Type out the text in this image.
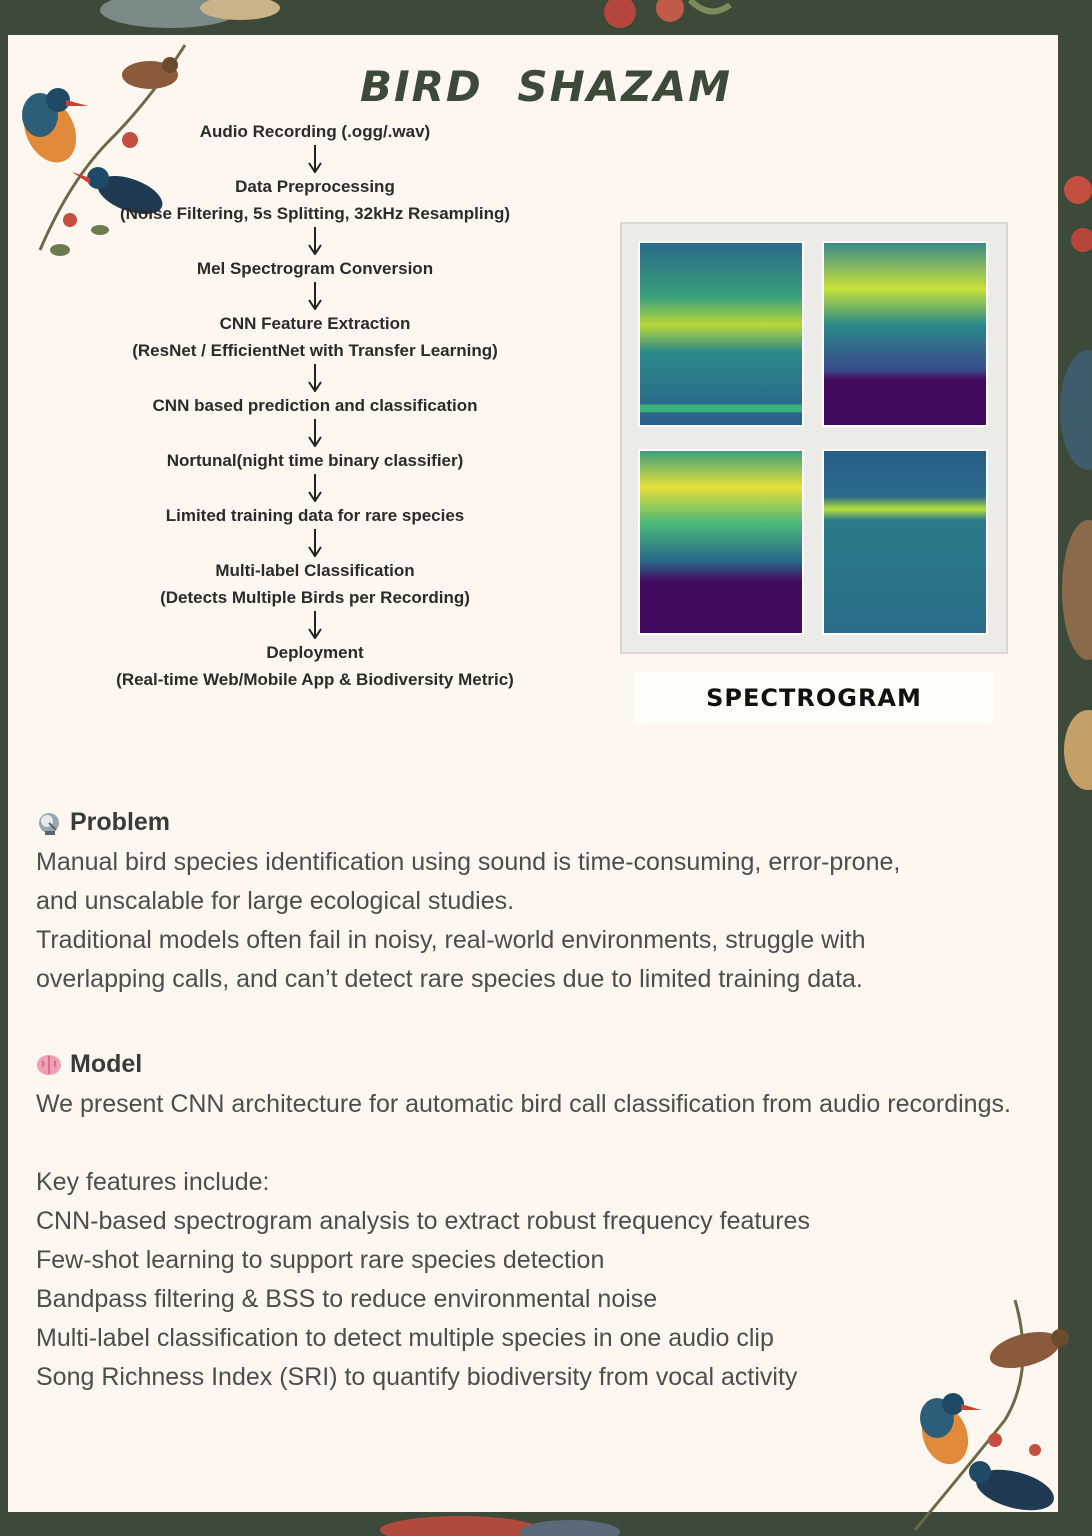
BIRD SHAZAM
Audio Recording (.ogg/.wav)
Data Preprocessing
(Noise Filtering, 5s Splitting, 32kHz Resampling)
Mel Spectrogram Conversion
CNN Feature Extraction
(ResNet / EfficientNet with Transfer Learning)
CNN based prediction and classification
Nortunal(night time binary classifier)
Limited training data for rare species
Multi-label Classification
(Detects Multiple Birds per Recording)
Deployment
(Real-time Web/Mobile App & Biodiversity Metric)
SPECTROGRAM
Problem
Manual bird species identification using sound is time-consuming, error-prone,
and unscalable for large ecological studies.
Traditional models often fail in noisy, real-world environments, struggle with
overlapping calls, and can’t detect rare species due to limited training data.
Model
We present CNN architecture for automatic bird call classification from audio recordings.
Key features include:
CNN-based spectrogram analysis to extract robust frequency features
Few-shot learning to support rare species detection
Bandpass filtering & BSS to reduce environmental noise
Multi-label classification to detect multiple species in one audio clip
Song Richness Index (SRI) to quantify biodiversity from vocal activity
